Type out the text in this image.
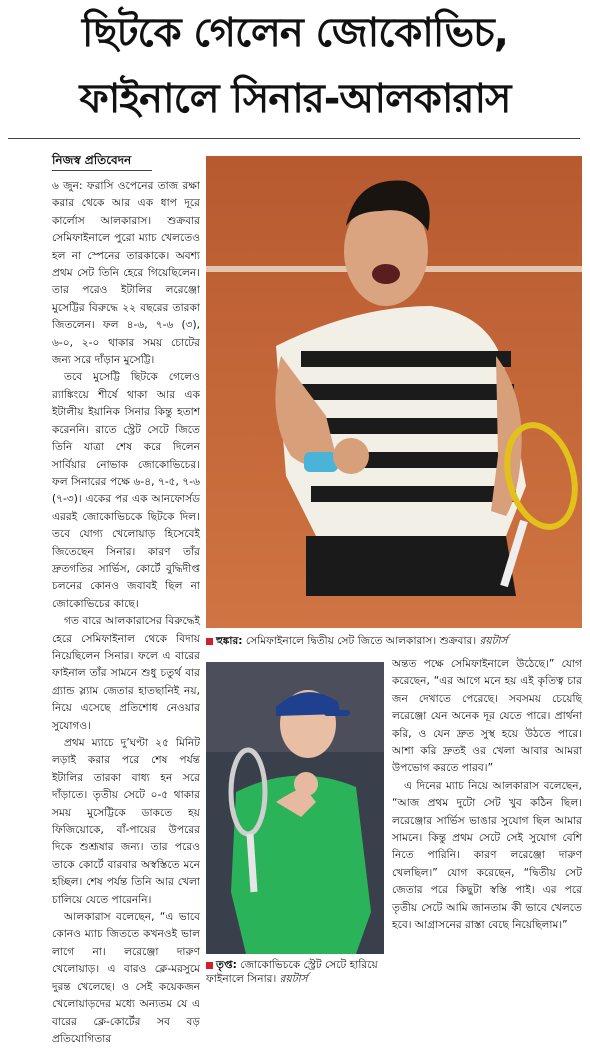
ছিটকে গেলেন জোকোভিচ,
ফাইনালে সিনার-আলকারাস
নিজস্ব প্রতিবেদন

৬ জুন: ফরাসি ওপেনের তাজ রক্ষা করার থেকে আর এক ধাপ দূরে কার্লোস আলকারাস। শুক্রবার সেমিফাইনালে পুরো ম্যাচ খেলতেও হল না স্পেনের তারকাকে। অবশ্য প্রথম সেট তিনি হেরে গিয়েছিলেন। তার পরেও ইটালির লরেঞ্জো মুসেট্টির বিরুদ্ধে ২২ বছরের তারকা জিতলেন। ফল ৪-৬, ৭-৬ (৩), ৬-০, ২-০ থাকার সময় চোটের জন্য সরে দাঁড়ান মুসেট্টি।

তবে মুসেট্টি ছিটকে গেলেও র‌্যাঙ্কিংয়ে শীর্ষে থাকা আর এক ইটালীয় ইয়ানিক সিনার কিন্তু হতাশ করেননি। রাতে স্ট্রেট সেটে জিতে তিনি যাত্রা শেষ করে দিলেন সার্বিয়ার নোভাক জোকোভিচের। ফল সিনারের পক্ষে ৬-৪, ৭-৫, ৭-৬ (৭-৩)। একের পর এক আনফোর্সড এররই জোকোভিচকে ছিটকে দিল। তবে যোগ্য খেলোয়াড় হিসেবেই জিতেছেন সিনার। কারণ তাঁর দ্রুতগতির সার্ভিস, কোর্টে বুদ্ধিদীপ্ত চলনের কোনও জবাবই ছিল না জোকোভিচের কাছে।

গত বারে আলকারাসের বিরুদ্ধেই হেরে সেমিফাইনাল থেকে বিদায় নিয়েছিলেন সিনার। ফলে এ বারের ফাইনাল তাঁর সামনে শুধু চতুর্থ বার গ্র্যান্ড স্ল্যাম জেতার হাতছানিই নয়, নিয়ে এসেছে প্রতিশোধ নেওয়ার সুযোগও।

প্রথম ম্যাচে দু’ঘণ্টা ২৫ মিনিট লড়াই করার পরে শেষ পর্যন্ত ইটালির তারকা বাধ্য হন সরে দাঁড়াতে। তৃতীয় সেটে ০-৫ থাকার সময় মুসেট্টিকে ডাকতে হয় ফিজিয়োকে, বাঁ-পায়ের উপরের দিকে শুশ্রূষার জন্য। তার পরেও তাকে কোর্টে বারবার অস্বস্তিতে মনে হচ্ছিল। শেষ পর্যন্ত তিনি আর খেলা চালিয়ে যেতে পারেননি।

আলকারাস বলেছেন, “এ ভাবে কোনও ম্যাচ জিততে কখনওই ভাল লাগে না। লরেঞ্জো দারুণ খেলোয়াড়। এ বারও ক্লে-মরসুমে দুরন্ত খেলেছে। ও সেই কয়েকজন খেলোয়াড়দের মধ্যে অন্যতম যে এ বারের ক্লে-কোর্টের সব বড় প্রতিযোগিতার

হুঙ্কার: সেমিফাইনালে দ্বিতীয় সেট জিতে আলকারাস। শুক্রবার। রয়টার্স
তৃপ্ত: জোকোভিচকে স্ট্রেট সেটে হারিয়ে ফাইনালে সিনার। রয়টার্স

অন্তত পক্ষে সেমিফাইনালে উঠেছে।” যোগ করেছেন, “এর আগে মনে হয় এই কৃতিত্ব চার জন দেখাতে পেরেছে। সবসময় চেয়েছি লরেঞ্জো যেন অনেক দূর যেতে পারে। প্রার্থনা করি, ও যেন দ্রুত সুস্থ হয়ে উঠতে পারে। আশা করি দ্রুতই ওর খেলা আবার আমরা উপভোগ করতে পারব।”

এ দিনের ম্যাচ নিয়ে আলকারাস বলেছেন, “আজ প্রথম দুটো সেট খুব কঠিন ছিল। লরেঞ্জোর সার্ভিস ভাঙার সুযোগ ছিল আমার সামনে। কিন্তু প্রথম সেটে সেই সুযোগ বেশি নিতে পারিনি। কারণ লরেঞ্জো দারুণ খেলছিল।” যোগ করেছেন, “দ্বিতীয় সেট জেতার পরে কিছুটা স্বস্তি পাই। এর পরে তৃতীয় সেটে আমি জানতাম কী ভাবে খেলতে হবে। আগ্রাসনের রাস্তা বেছে নিয়েছিলাম।”
